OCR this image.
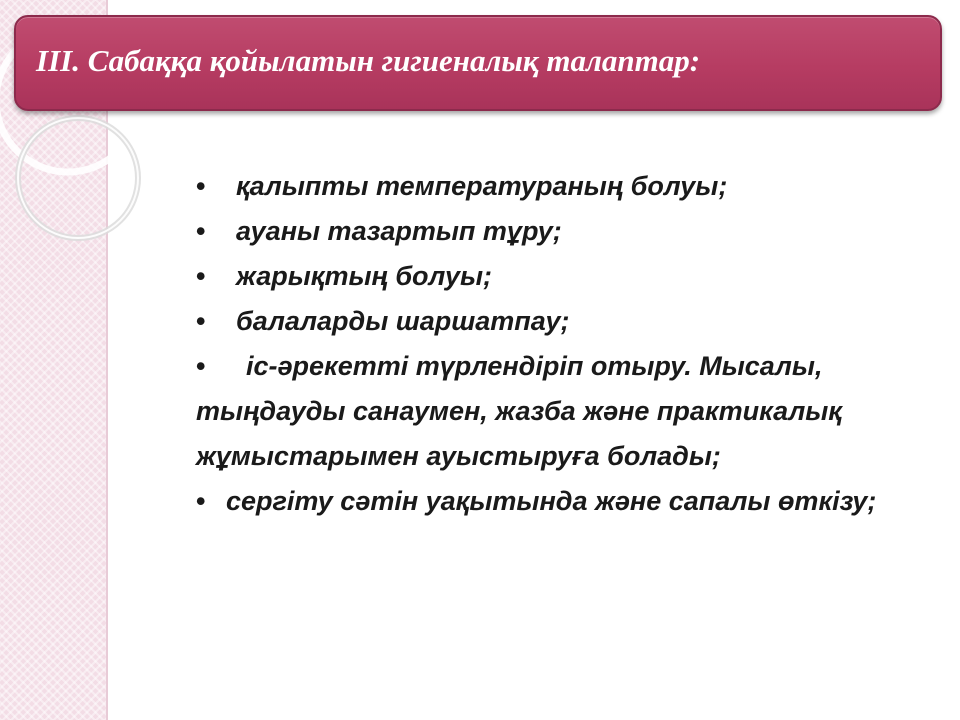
III. Сабаққа қойылатын гигиеналық талаптар:
• қалыпты температураның болуы;
• ауаны тазартып тұру;
• жарықтың болуы;
• балаларды шаршатпау;
• іс-әрекетті түрлендіріп отыру. Мысалы, тыңдауды санаумен, жазба және практикалық жұмыстарымен ауыстыруға болады;
• сергіту сәтін уақытында және сапалы өткізу;
